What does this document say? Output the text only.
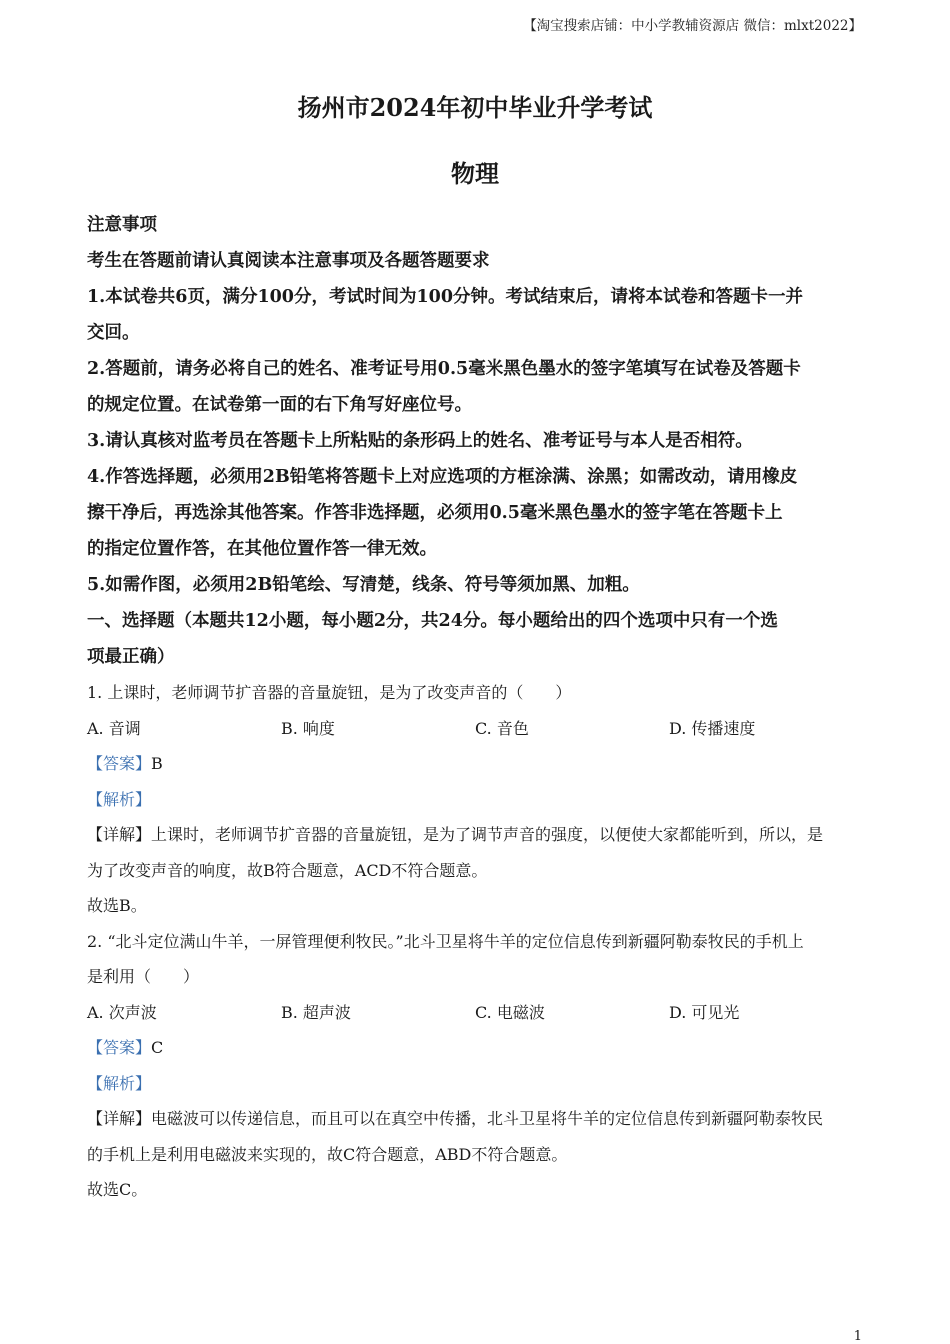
【淘宝搜索店铺：中小学教辅资源店 微信：mlxt2022】
扬州市2024年初中毕业升学考试
物理
注意事项
考生在答题前请认真阅读本注意事项及各题答题要求
1.本试卷共6页，满分100分，考试时间为100分钟。考试结束后，请将本试卷和答题卡一并
交回。
2.答题前，请务必将自己的姓名、准考证号用0.5毫米黑色墨水的签字笔填写在试卷及答题卡
的规定位置。在试卷第一面的右下角写好座位号。
3.请认真核对监考员在答题卡上所粘贴的条形码上的姓名、准考证号与本人是否相符。
4.作答选择题，必须用2B铅笔将答题卡上对应选项的方框涂满、涂黑；如需改动，请用橡皮
擦干净后，再选涂其他答案。作答非选择题，必须用0.5毫米黑色墨水的签字笔在答题卡上
的指定位置作答，在其他位置作答一律无效。
5.如需作图，必须用2B铅笔绘、写清楚，线条、符号等须加黑、加粗。
一、选择题（本题共12小题，每小题2分，共24分。每小题给出的四个选项中只有一个选
项最正确）
1. 上课时，老师调节扩音器的音量旋钮，是为了改变声音的（　　）
A. 音调	B. 响度	C. 音色	D. 传播速度
【答案】B
【解析】
【详解】上课时，老师调节扩音器的音量旋钮，是为了调节声音的强度，以便使大家都能听到，所以，是
为了改变声音的响度，故B符合题意，ACD不符合题意。
故选B。
2. “北斗定位满山牛羊，一屏管理便利牧民。”北斗卫星将牛羊的定位信息传到新疆阿勒泰牧民的手机上
是利用（　　）
A. 次声波	B. 超声波	C. 电磁波	D. 可见光
【答案】C
【解析】
【详解】电磁波可以传递信息，而且可以在真空中传播，北斗卫星将牛羊的定位信息传到新疆阿勒泰牧民
的手机上是利用电磁波来实现的，故C符合题意，ABD不符合题意。
故选C。
1
